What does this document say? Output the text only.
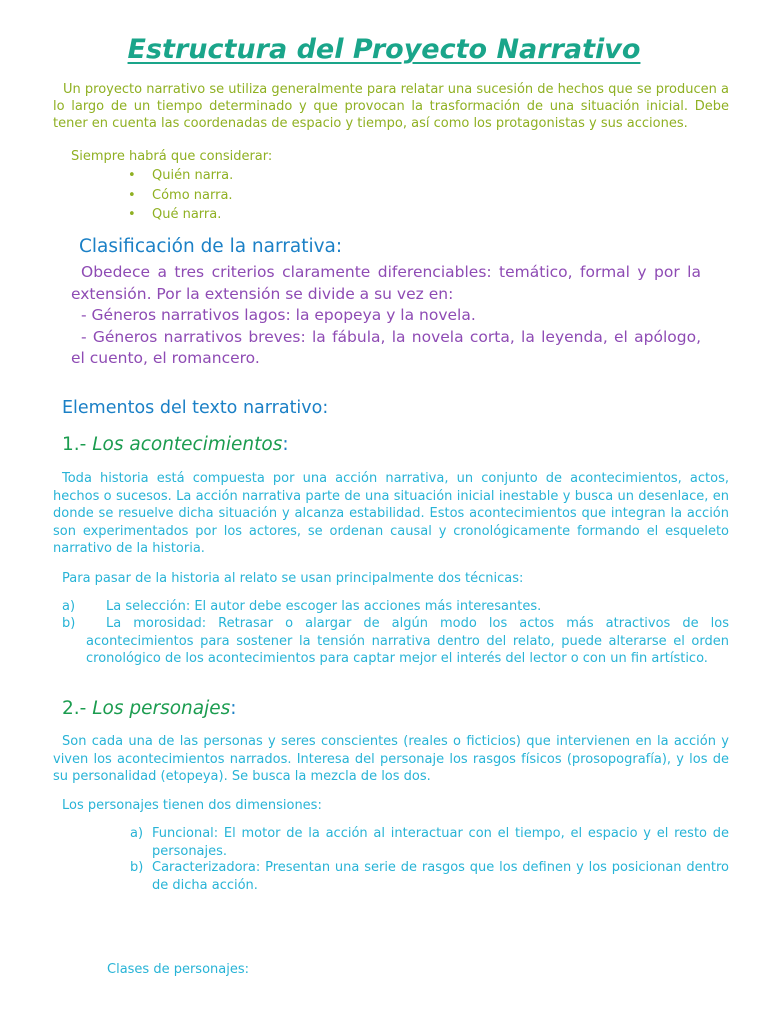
Estructura del Proyecto Narrativo

Un proyecto narrativo se utiliza generalmente para relatar una sucesión de hechos que se producen a lo largo de un tiempo determinado y que provocan la trasformación de una situación inicial. Debe tener en cuenta las coordenadas de espacio y tiempo, así como los protagonistas y sus acciones.

Siempre habrá que considerar:

• Quién narra.
• Cómo narra.
• Qué narra.
Clasificación de la narrativa:

Obedece a tres criterios claramente diferenciables: temático, formal y por la extensión. Por la extensión se divide a su vez en:

- Géneros narrativos lagos: la epopeya y la novela.

- Géneros narrativos breves: la fábula, la novela corta, la leyenda, el apólogo, el cuento, el romancero.

Elementos del texto narrativo:
1.- Los acontecimientos:

Toda historia está compuesta por una acción narrativa, un conjunto de acontecimientos, actos, hechos o sucesos. La acción narrativa parte de una situación inicial inestable y busca un desenlace, en donde se resuelve dicha situación y alcanza estabilidad. Estos acontecimientos que integran la acción son experimentados por los actores, se ordenan causal y cronológicamente formando el esqueleto narrativo de la historia.

Para pasar de la historia al relato se usan principalmente dos técnicas:

a) La selección: El autor debe escoger las acciones más interesantes.
b)	La morosidad: Retrasar o alargar de algún modo los actos más atractivos de los acontecimientos para sostener la tensión narrativa dentro del relato, puede alterarse el orden cronológico de los acontecimientos para captar mejor el interés del lector o con un fin artístico.
2.- Los personajes:

Son cada una de las personas y seres conscientes (reales o ficticios) que intervienen en la acción y viven los acontecimientos narrados. Interesa del personaje los rasgos físicos (prosopografía), y los de su personalidad (etopeya). Se busca la mezcla de los dos.

Los personajes tienen dos dimensiones:

a) Funcional: El motor de la acción al interactuar con el tiempo, el espacio y el resto de personajes.
b) Caracterizadora: Presentan una serie de rasgos que los definen y los posicionan dentro de dicha acción.

Clases de personajes:
